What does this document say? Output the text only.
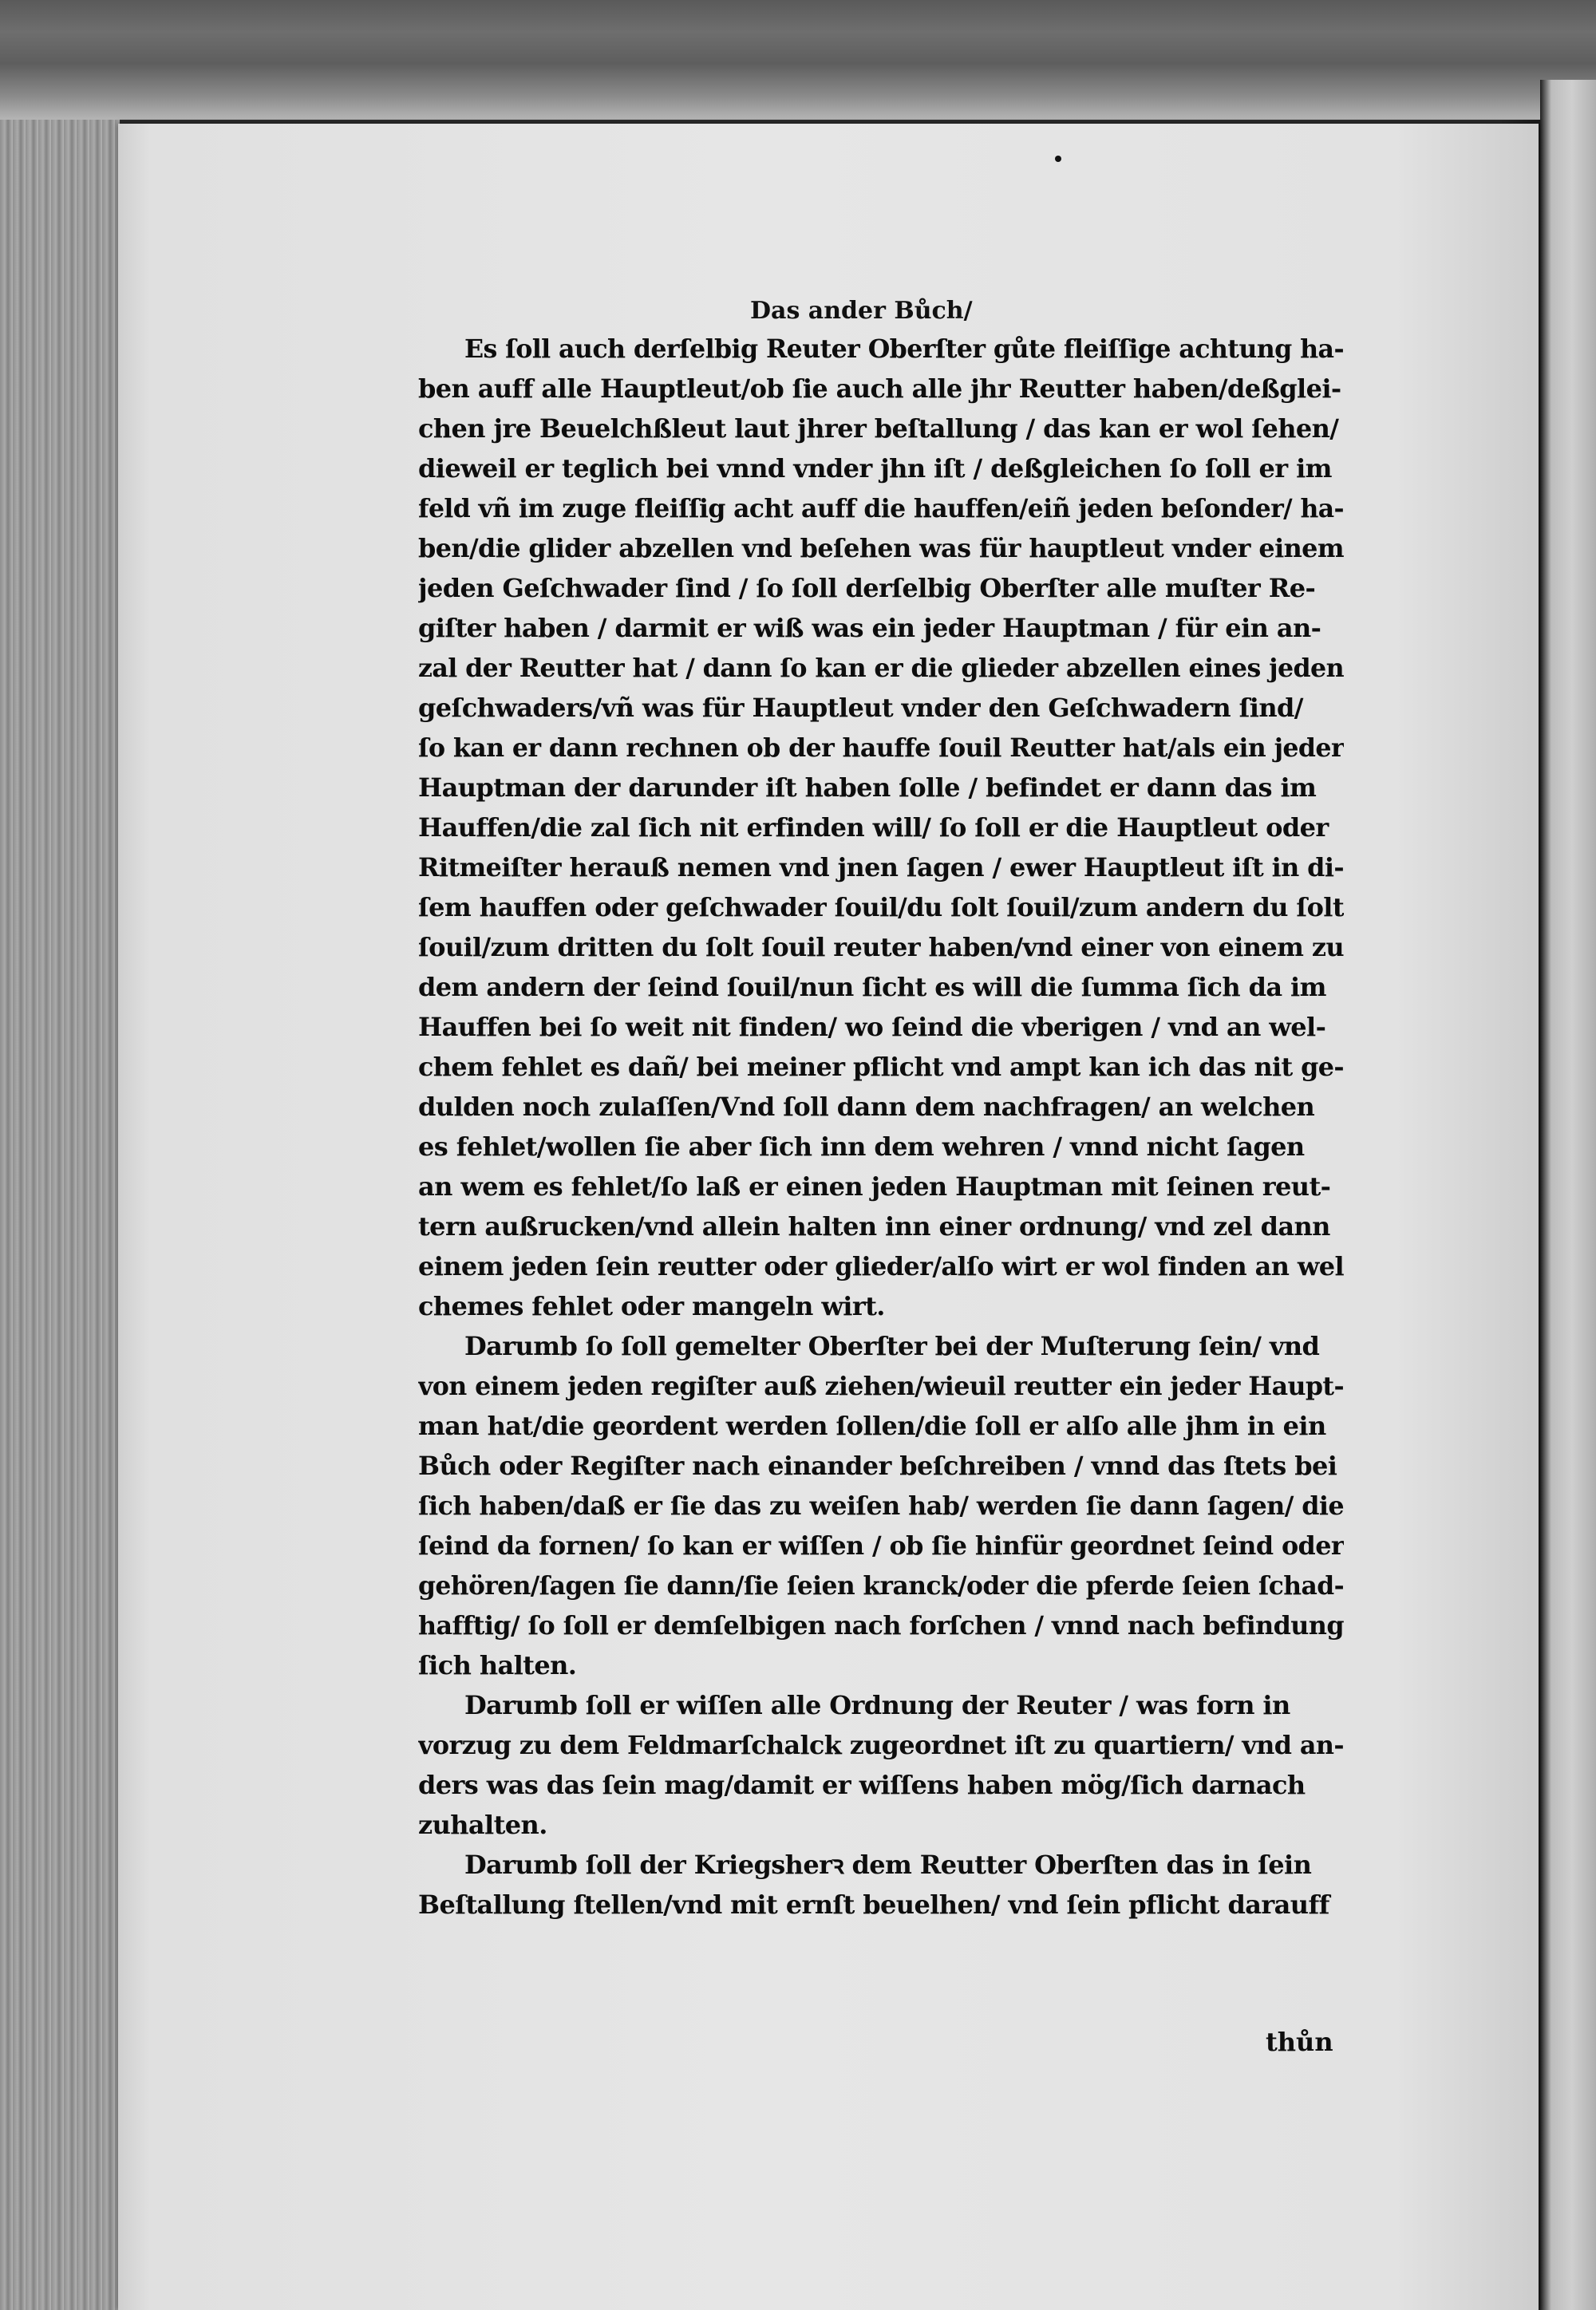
Das ander Bůch/
Es ſoll auch derſelbig Reuter Oberſter gůte fleiſſige achtung ha-
ben auff alle Hauptleut/ob ſie auch alle jhr Reutter haben/deßglei-
chen jre Beuelchßleut laut jhrer beſtallung / das kan er wol ſehen/
dieweil er teglich bei vnnd vnder jhn iſt / deßgleichen ſo ſoll er im
feld vñ im zuge fleiſſig acht auff die hauffen/eiñ jeden beſonder/ ha-
ben/die glider abzellen vnd beſehen was für hauptleut vnder einem
jeden Geſchwader ſind / ſo ſoll derſelbig Oberſter alle muſter Re-
giſter haben / darmit er wiß was ein jeder Hauptman / für ein an-
zal der Reutter hat / dann ſo kan er die glieder abzellen eines jeden
geſchwaders/vñ was für Hauptleut vnder den Geſchwadern ſind/
ſo kan er dann rechnen ob der hauffe ſouil Reutter hat/als ein jeder
Hauptman der darunder iſt haben ſolle / befindet er dann das im
Hauffen/die zal ſich nit erfinden will/ ſo ſoll er die Hauptleut oder
Ritmeiſter herauß nemen vnd jnen ſagen / ewer Hauptleut iſt in di-
ſem hauffen oder geſchwader ſouil/du ſolt ſouil/zum andern du ſolt
ſouil/zum dritten du ſolt ſouil reuter haben/vnd einer von einem zu
dem andern der ſeind ſouil/nun ſicht es will die ſumma ſich da im
Hauffen bei ſo weit nit finden/ wo ſeind die vberigen / vnd an wel-
chem fehlet es dañ/ bei meiner pflicht vnd ampt kan ich das nit ge-
dulden noch zulaſſen/Vnd ſoll dann dem nachfragen/ an welchen
es fehlet/wollen ſie aber ſich inn dem wehren / vnnd nicht ſagen
an wem es fehlet/ſo laß er einen jeden Hauptman mit ſeinen reut-
tern außrucken/vnd allein halten inn einer ordnung/ vnd zel dann
einem jeden ſein reutter oder glieder/alſo wirt er wol finden an wel
chemes fehlet oder mangeln wirt.
Darumb ſo ſoll gemelter Oberſter bei der Muſterung ſein/ vnd
von einem jeden regiſter auß ziehen/wieuil reutter ein jeder Haupt-
man hat/die geordent werden ſollen/die ſoll er alſo alle jhm in ein
Bůch oder Regiſter nach einander beſchreiben / vnnd das ſtets bei
ſich haben/daß er ſie das zu weiſen hab/ werden ſie dann ſagen/ die
ſeind da fornen/ ſo kan er wiſſen / ob ſie hinfür geordnet ſeind oder
gehören/ſagen ſie dann/ſie ſeien kranck/oder die pferde ſeien ſchad-
hafftig/ ſo ſoll er demſelbigen nach forſchen / vnnd nach befindung
ſich halten.
Darumb ſoll er wiſſen alle Ordnung der Reuter / was forn in
vorzug zu dem Feldmarſchalck zugeordnet iſt zu quartiern/ vnd an-
ders was das ſein mag/damit er wiſſens haben mög/ſich darnach
zuhalten.
Darumb ſoll der Kriegsherꝛ dem Reutter Oberſten das in ſein
Beſtallung ſtellen/vnd mit ernſt beuelhen/ vnd ſein pflicht darauff
thůn
